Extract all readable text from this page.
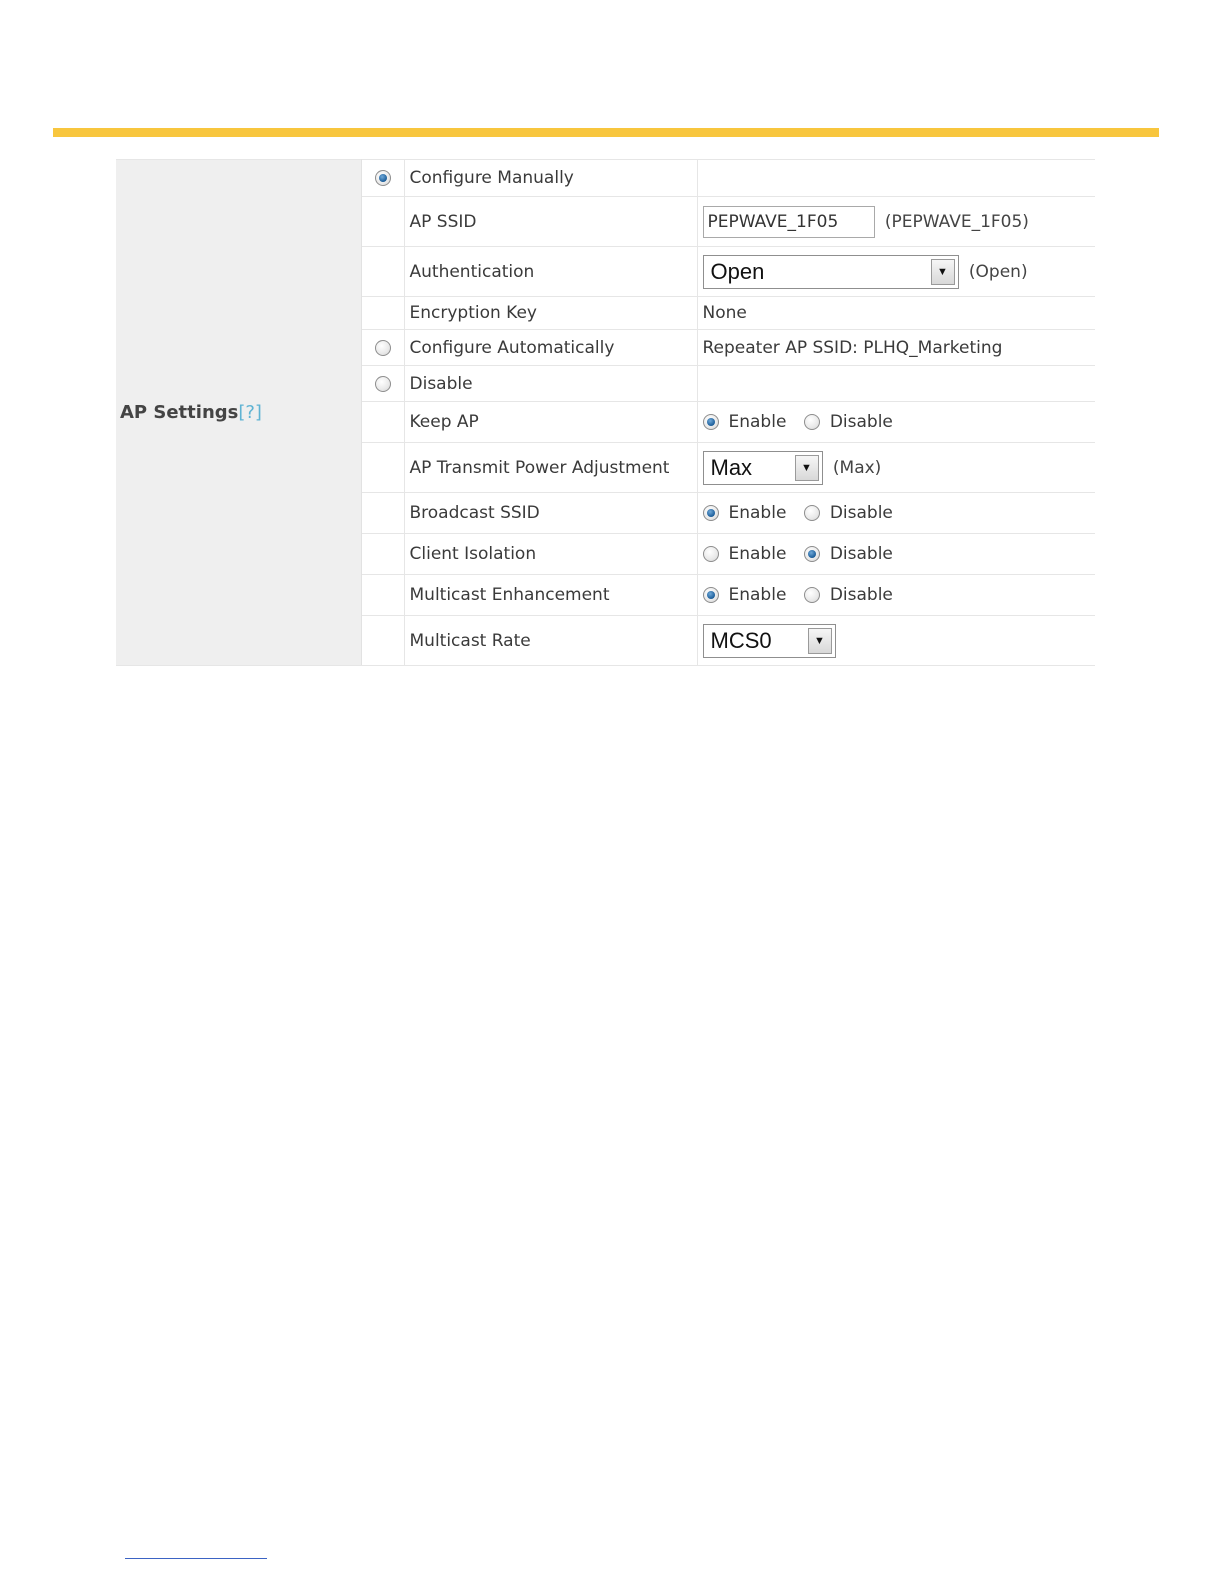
AP Settings[?]		Configure Manually	
		AP SSID	PEPWAVE_1F05(PEPWAVE_1F05)
		Authentication	Open ▼ (Open)
		Encryption Key	None
		Configure Automatically	Repeater AP SSID: PLHQ_Marketing
		Disable	
		Keep AP	Enable Disable
		AP Transmit Power Adjustment	Max ▼ (Max)
		Broadcast SSID	Enable Disable
		Client Isolation	Enable Disable
		Multicast Enhancement	Enable Disable
		Multicast Rate	MCS0 ▼
